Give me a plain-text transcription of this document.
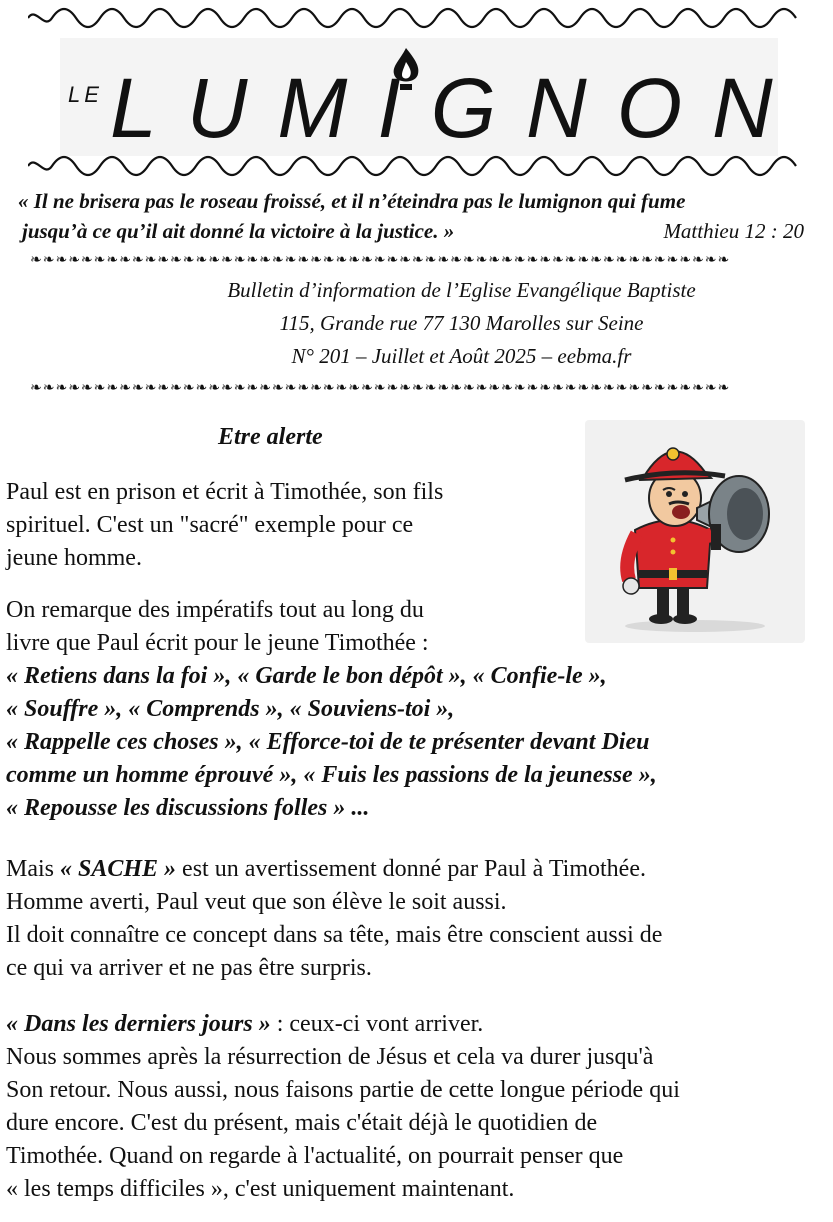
LE LUMIGNON
« Il ne brisera pas le roseau froissé, et il n’éteindra pas le lumignon qui fume
jusqu’à ce qu’il ait donné la victoire à la justice. »	Matthieu 12 : 20
❧❧❧❧❧❧❧❧❧❧❧❧❧❧❧❧❧❧❧❧❧❧❧❧❧❧❧❧❧❧❧❧❧❧❧❧❧❧❧❧❧❧❧❧❧❧❧❧❧❧❧❧❧❧❧
Bulletin d’information de l’Eglise Evangélique Baptiste
115, Grande rue 77 130 Marolles sur Seine
N° 201 – Juillet et Août 2025 – eebma.fr
❧❧❧❧❧❧❧❧❧❧❧❧❧❧❧❧❧❧❧❧❧❧❧❧❧❧❧❧❧❧❧❧❧❧❧❧❧❧❧❧❧❧❧❧❧❧❧❧❧❧❧❧❧❧❧
Etre alerte
Paul est en prison et écrit à Timothée, son fils
spirituel. C'est un "sacré" exemple pour ce
jeune homme.
On remarque des impératifs tout au long du
livre que Paul écrit pour le jeune Timothée :
« Retiens dans la foi », « Garde le bon dépôt », « Confie-le »,
« Souffre », « Comprends », « Souviens-toi »,
« Rappelle ces choses », « Efforce-toi de te présenter devant Dieu
comme un homme éprouvé », « Fuis les passions de la jeunesse »,
« Repousse les discussions folles » ...
Mais « SACHE » est un avertissement donné par Paul à Timothée.
Homme averti, Paul veut que son élève le soit aussi.
Il doit connaître ce concept dans sa tête, mais être conscient aussi de
ce qui va arriver et ne pas être surpris.
« Dans les derniers jours » : ceux-ci vont arriver.
Nous sommes après la résurrection de Jésus et cela va durer jusqu'à
Son retour. Nous aussi, nous faisons partie de cette longue période qui
dure encore. C'est du présent, mais c'était déjà le quotidien de
Timothée. Quand on regarde à l'actualité, on pourrait penser que
« les temps difficiles », c'est uniquement maintenant.
